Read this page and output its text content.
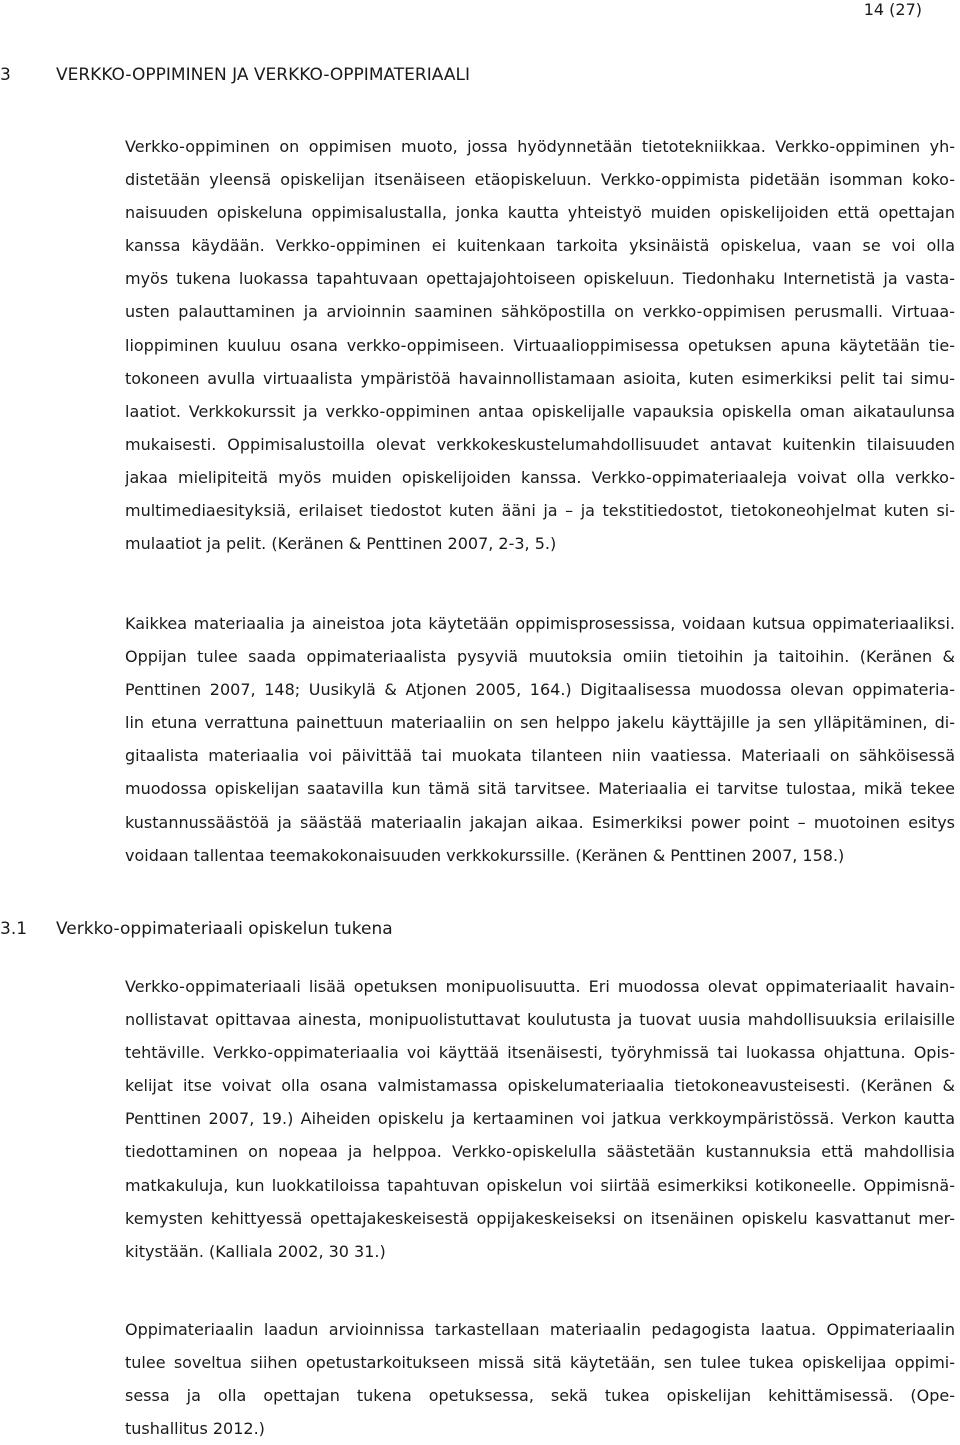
14 (27)
3	VERKKO-OPPIMINEN JA VERKKO-OPPIMATERIAALI
Verkko-oppiminen on oppimisen muoto, jossa hyödynnetään tietotekniikkaa. Verkko-oppiminen yh-
distetään yleensä opiskelijan itsenäiseen etäopiskeluun. Verkko-oppimista pidetään isomman koko-
naisuuden opiskeluna oppimisalustalla, jonka kautta yhteistyö muiden opiskelijoiden että opettajan
kanssa käydään. Verkko-oppiminen ei kuitenkaan tarkoita yksinäistä opiskelua, vaan se voi olla
myös tukena luokassa tapahtuvaan opettajajohtoiseen opiskeluun. Tiedonhaku Internetistä ja vasta-
usten palauttaminen ja arvioinnin saaminen sähköpostilla on verkko-oppimisen perusmalli. Virtuaa-
lioppiminen kuuluu osana verkko-oppimiseen. Virtuaalioppimisessa opetuksen apuna käytetään tie-
tokoneen avulla virtuaalista ympäristöä havainnollistamaan asioita, kuten esimerkiksi pelit tai simu-
laatiot. Verkkokurssit ja verkko-oppiminen antaa opiskelijalle vapauksia opiskella oman aikataulunsa
mukaisesti. Oppimisalustoilla olevat verkkokeskustelumahdollisuudet antavat kuitenkin tilaisuuden
jakaa mielipiteitä myös muiden opiskelijoiden kanssa. Verkko-oppimateriaaleja voivat olla verkko-
multimediaesityksiä, erilaiset tiedostot kuten ääni ja – ja tekstitiedostot, tietokoneohjelmat kuten si-
mulaatiot ja pelit. (Keränen & Penttinen 2007, 2-3, 5.)
Kaikkea materiaalia ja aineistoa jota käytetään oppimisprosessissa, voidaan kutsua oppimateriaaliksi.
Oppijan tulee saada oppimateriaalista pysyviä muutoksia omiin tietoihin ja taitoihin. (Keränen &
Penttinen 2007, 148; Uusikylä & Atjonen 2005, 164.) Digitaalisessa muodossa olevan oppimateria-
lin etuna verrattuna painettuun materiaaliin on sen helppo jakelu käyttäjille ja sen ylläpitäminen, di-
gitaalista materiaalia voi päivittää tai muokata tilanteen niin vaatiessa. Materiaali on sähköisessä
muodossa opiskelijan saatavilla kun tämä sitä tarvitsee. Materiaalia ei tarvitse tulostaa, mikä tekee
kustannussäästöä ja säästää materiaalin jakajan aikaa. Esimerkiksi power point – muotoinen esitys
voidaan tallentaa teemakokonaisuuden verkkokurssille. (Keränen & Penttinen 2007, 158.)
3.1 Verkko-oppimateriaali opiskelun tukena
Verkko-oppimateriaali lisää opetuksen monipuolisuutta. Eri muodossa olevat oppimateriaalit havain-
nollistavat opittavaa ainesta, monipuolistuttavat koulutusta ja tuovat uusia mahdollisuuksia erilaisille
tehtäville. Verkko-oppimateriaalia voi käyttää itsenäisesti, työryhmissä tai luokassa ohjattuna. Opis-
kelijat itse voivat olla osana valmistamassa opiskelumateriaalia tietokoneavusteisesti. (Keränen &
Penttinen 2007, 19.) Aiheiden opiskelu ja kertaaminen voi jatkua verkkoympäristössä. Verkon kautta
tiedottaminen on nopeaa ja helppoa. Verkko-opiskelulla säästetään kustannuksia että mahdollisia
matkakuluja, kun luokkatiloissa tapahtuvan opiskelun voi siirtää esimerkiksi kotikoneelle. Oppimisnä-
kemysten kehittyessä opettajakeskeisestä oppijakeskeiseksi on itsenäinen opiskelu kasvattanut mer-
kitystään. (Kalliala 2002, 30 31.)
Oppimateriaalin laadun arvioinnissa tarkastellaan materiaalin pedagogista laatua. Oppimateriaalin
tulee soveltua siihen opetustarkoitukseen missä sitä käytetään, sen tulee tukea opiskelijaa oppimi-
sessa ja olla opettajan tukena opetuksessa, sekä tukea opiskelijan kehittämisessä. (Ope-
tushallitus 2012.)
